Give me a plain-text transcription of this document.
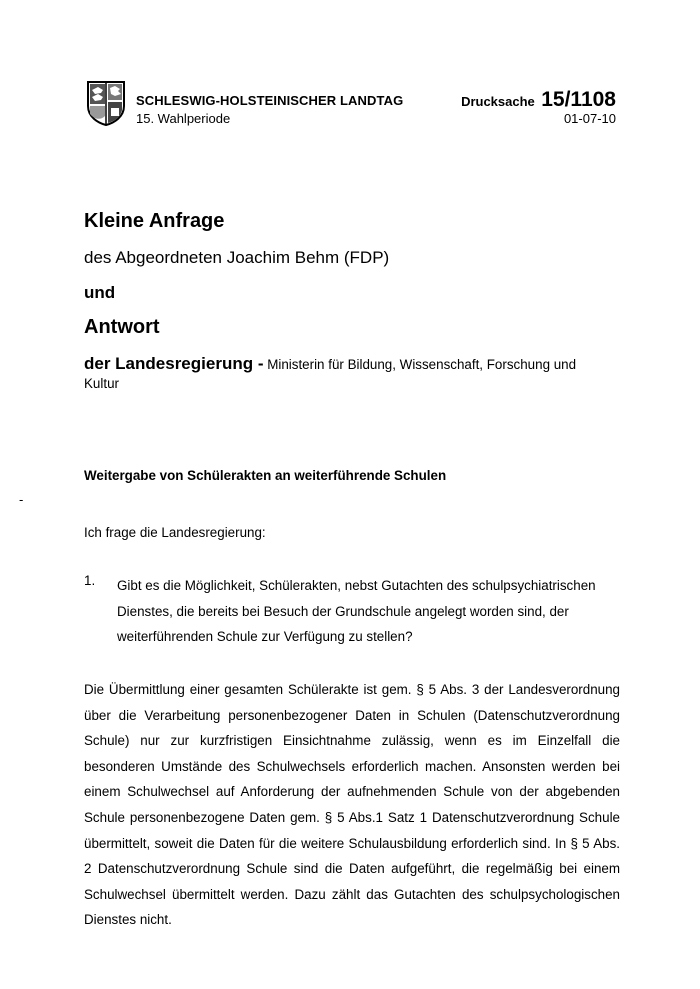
SCHLESWIG-HOLSTEINISCHER LANDTAG
15. Wahlperiode
Drucksache 15/1108
01-07-10
Kleine Anfrage
des Abgeordneten Joachim Behm (FDP)
und
Antwort
der Landesregierung - Ministerin für Bildung, Wissenschaft, Forschung und Kultur
Weitergabe von Schülerakten an weiterführende Schulen
-
Ich frage die Landesregierung:
1. Gibt es die Möglichkeit, Schülerakten, nebst Gutachten des schulpsychiatrischen Dienstes, die bereits bei Besuch der Grundschule angelegt worden sind, der weiterführenden Schule zur Verfügung zu stellen?
Die Übermittlung einer gesamten Schülerakte ist gem. § 5 Abs. 3 der Landesverordnung über die Verarbeitung personenbezogener Daten in Schulen (Datenschutzverordnung Schule) nur zur kurzfristigen Einsichtnahme zulässig, wenn es im Einzelfall die besonderen Umstände des Schulwechsels erforderlich machen. Ansonsten werden bei einem Schulwechsel auf Anforderung der aufnehmenden Schule von der abgebenden Schule personenbezogene Daten gem. § 5 Abs.1 Satz 1 Datenschutzverordnung Schule übermittelt, soweit die Daten für die weitere Schulausbildung erforderlich sind. In § 5 Abs. 2 Datenschutzverordnung Schule sind die Daten aufgeführt, die regelmäßig bei einem Schulwechsel übermittelt werden. Dazu zählt das Gutachten des schulpsychologischen Dienstes nicht.
